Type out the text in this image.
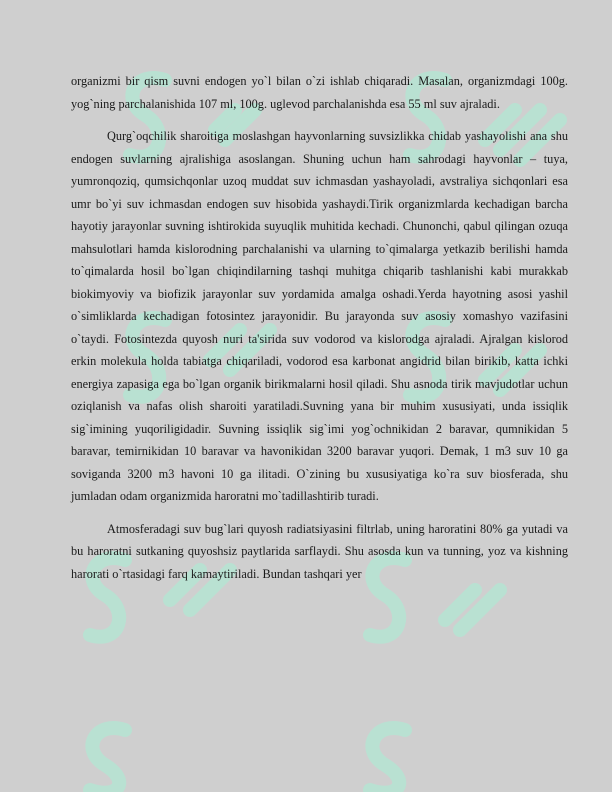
organizmi bir qism suvni endogen yo`l bilan o`zi ishlab chiqaradi. Masalan, organizmdagi 100g. yog`ning parchalanishida 107 ml, 100g. uglevod parchalanishda esa 55 ml suv ajraladi.

Qurg`oqchilik sharoitiga moslashgan hayvonlarning suvsizlikka chidab yashayolishi ana shu endogen suvlarning ajralishiga asoslangan. Shuning uchun ham sahrodagi hayvonlar – tuya, yumronqoziq, qumsichqonlar uzoq muddat suv ichmasdan yashayoladi, avstraliya sichqonlari esa umr bo`yi suv ichmasdan endogen suv hisobida yashaydi.Tirik organizmlarda kechadigan barcha hayotiy jarayonlar suvning ishtirokida suyuqlik muhitida kechadi. Chunonchi, qabul qilingan ozuqa mahsulotlari hamda kislorodning parchalanishi va ularning to`qimalarga yetkazib berilishi hamda to`qimalarda hosil bo`lgan chiqindilarning tashqi muhitga chiqarib tashlanishi kabi murakkab biokimyoviy va biofizik jarayonlar suv yordamida amalga oshadi.Yerda hayotning asosi yashil o`simliklarda kechadigan fotosintez jarayonidir. Bu jarayonda suv asosiy xomashyo vazifasini o`taydi. Fotosintezda quyosh nuri ta'sirida suv vodorod va kislorodga ajraladi. Ajralgan kislorod erkin molekula holda tabiatga chiqariladi, vodorod esa karbonat angidrid bilan birikib, katta ichki energiya zapasiga ega bo`lgan organik birikmalarni hosil qiladi. Shu asnoda tirik mavjudotlar uchun oziqlanish va nafas olish sharoiti yaratiladi.Suvning yana bir muhim xususiyati, unda issiqlik sig`imining yuqoriligidadir. Suvning issiqlik sig`imi yog`ochnikidan 2 baravar, qumnikidan 5 baravar, temirnikidan 10 baravar va havonikidan 3200 baravar yuqori. Demak, 1 m3 suv 10 ga soviganda 3200 m3 havoni 10 ga ilitadi. O`zining bu xususiyatiga ko`ra suv biosferada, shu jumladan odam organizmida haroratni mo`tadillashtirib turadi.

Atmosferadagi suv bug`lari quyosh radiatsiyasini filtrlab, uning haroratini 80% ga yutadi va bu haroratni sutkaning quyoshsiz paytlarida sarflaydi. Shu asosda kun va tunning, yoz va kishning harorati o`rtasidagi farq kamaytiriladi. Bundan tashqari yer
